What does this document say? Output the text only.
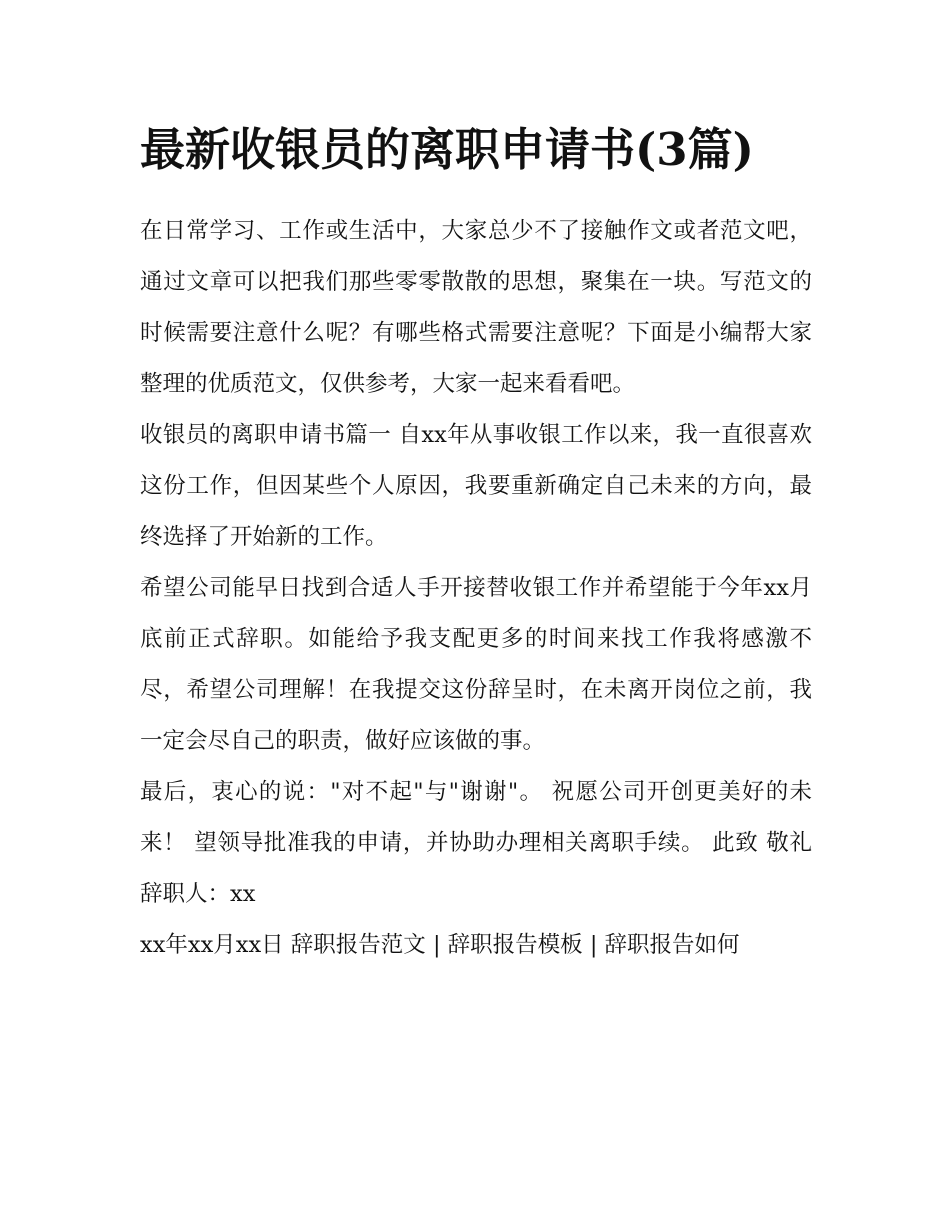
最新收银员的离职申请书(3篇)

在日常学习、工作或生活中，大家总少不了接触作文或者范文吧，通过文章可以把我们那些零零散散的思想，聚集在一块。写范文的时候需要注意什么呢？有哪些格式需要注意呢？下面是小编帮大家整理的优质范文，仅供参考，大家一起来看看吧。

收银员的离职申请书篇一 自xx年从事收银工作以来，我一直很喜欢这份工作，但因某些个人原因，我要重新确定自己未来的方向，最终选择了开始新的工作。

希望公司能早日找到合适人手开接替收银工作并希望能于今年xx月底前正式辞职。如能给予我支配更多的时间来找工作我将感激不尽，希望公司理解！在我提交这份辞呈时，在未离开岗位之前，我一定会尽自己的职责，做好应该做的事。

最后，衷心的说："对不起"与"谢谢"。 祝愿公司开创更美好的未来！ 望领导批准我的申请，并协助办理相关离职手续。 此致 敬礼 辞职人：xx

xx年xx月xx日 辞职报告范文 | 辞职报告模板 | 辞职报告如何
